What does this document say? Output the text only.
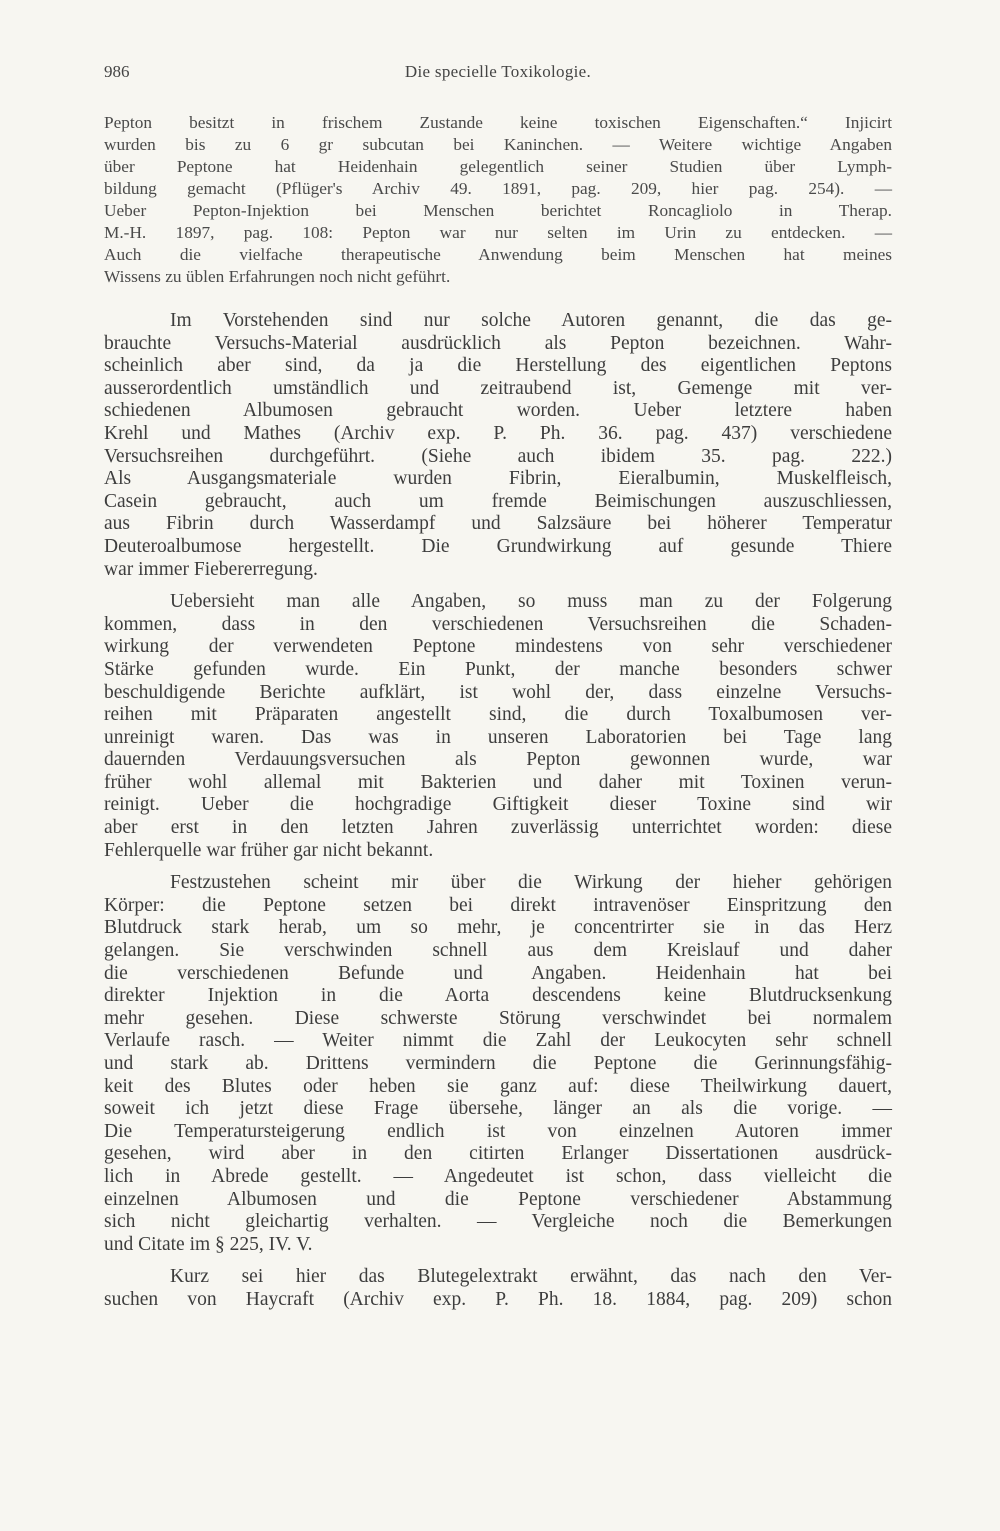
986	Die specielle Toxikologie.
Pepton besitzt in frischem Zustande keine toxischen Eigenschaften.“ Injicirt
wurden bis zu 6 gr subcutan bei Kaninchen. — Weitere wichtige Angaben
über Peptone hat Heidenhain gelegentlich seiner Studien über Lymph-
bildung gemacht (Pflüger's Archiv 49. 1891, pag. 209, hier pag. 254). —
Ueber Pepton-Injektion bei Menschen berichtet Roncagliolo in Therap.
M.-H. 1897, pag. 108: Pepton war nur selten im Urin zu entdecken. —
Auch die vielfache therapeutische Anwendung beim Menschen hat meines
Wissens zu üblen Erfahrungen noch nicht geführt.
Im Vorstehenden sind nur solche Autoren genannt, die das ge-
brauchte Versuchs-Material ausdrücklich als Pepton bezeichnen. Wahr-
scheinlich aber sind, da ja die Herstellung des eigentlichen Peptons
ausserordentlich umständlich und zeitraubend ist, Gemenge mit ver-
schiedenen Albumosen gebraucht worden. Ueber letztere haben
Krehl und Mathes (Archiv exp. P. Ph. 36. pag. 437) verschiedene
Versuchsreihen durchgeführt. (Siehe auch ibidem 35. pag. 222.)
Als Ausgangsmateriale wurden Fibrin, Eieralbumin, Muskelfleisch,
Casein gebraucht, auch um fremde Beimischungen auszuschliessen,
aus Fibrin durch Wasserdampf und Salzsäure bei höherer Temperatur
Deuteroalbumose hergestellt. Die Grundwirkung auf gesunde Thiere
war immer Fiebererregung.
Uebersieht man alle Angaben, so muss man zu der Folgerung
kommen, dass in den verschiedenen Versuchsreihen die Schaden-
wirkung der verwendeten Peptone mindestens von sehr verschiedener
Stärke gefunden wurde. Ein Punkt, der manche besonders schwer
beschuldigende Berichte aufklärt, ist wohl der, dass einzelne Versuchs-
reihen mit Präparaten angestellt sind, die durch Toxalbumosen ver-
unreinigt waren. Das was in unseren Laboratorien bei Tage lang
dauernden Verdauungsversuchen als Pepton gewonnen wurde, war
früher wohl allemal mit Bakterien und daher mit Toxinen verun-
reinigt. Ueber die hochgradige Giftigkeit dieser Toxine sind wir
aber erst in den letzten Jahren zuverlässig unterrichtet worden: diese
Fehlerquelle war früher gar nicht bekannt.
Festzustehen scheint mir über die Wirkung der hieher gehörigen
Körper: die Peptone setzen bei direkt intravenöser Einspritzung den
Blutdruck stark herab, um so mehr, je concentrirter sie in das Herz
gelangen. Sie verschwinden schnell aus dem Kreislauf und daher
die verschiedenen Befunde und Angaben. Heidenhain hat bei
direkter Injektion in die Aorta descendens keine Blutdrucksenkung
mehr gesehen. Diese schwerste Störung verschwindet bei normalem
Verlaufe rasch. — Weiter nimmt die Zahl der Leukocyten sehr schnell
und stark ab. Drittens vermindern die Peptone die Gerinnungsfähig-
keit des Blutes oder heben sie ganz auf: diese Theilwirkung dauert,
soweit ich jetzt diese Frage übersehe, länger an als die vorige. —
Die Temperatursteigerung endlich ist von einzelnen Autoren immer
gesehen, wird aber in den citirten Erlanger Dissertationen ausdrück-
lich in Abrede gestellt. — Angedeutet ist schon, dass vielleicht die
einzelnen Albumosen und die Peptone verschiedener Abstammung
sich nicht gleichartig verhalten. — Vergleiche noch die Bemerkungen
und Citate im § 225, IV. V.
Kurz sei hier das Blutegelextrakt erwähnt, das nach den Ver-
suchen von Haycraft (Archiv exp. P. Ph. 18. 1884, pag. 209) schon
